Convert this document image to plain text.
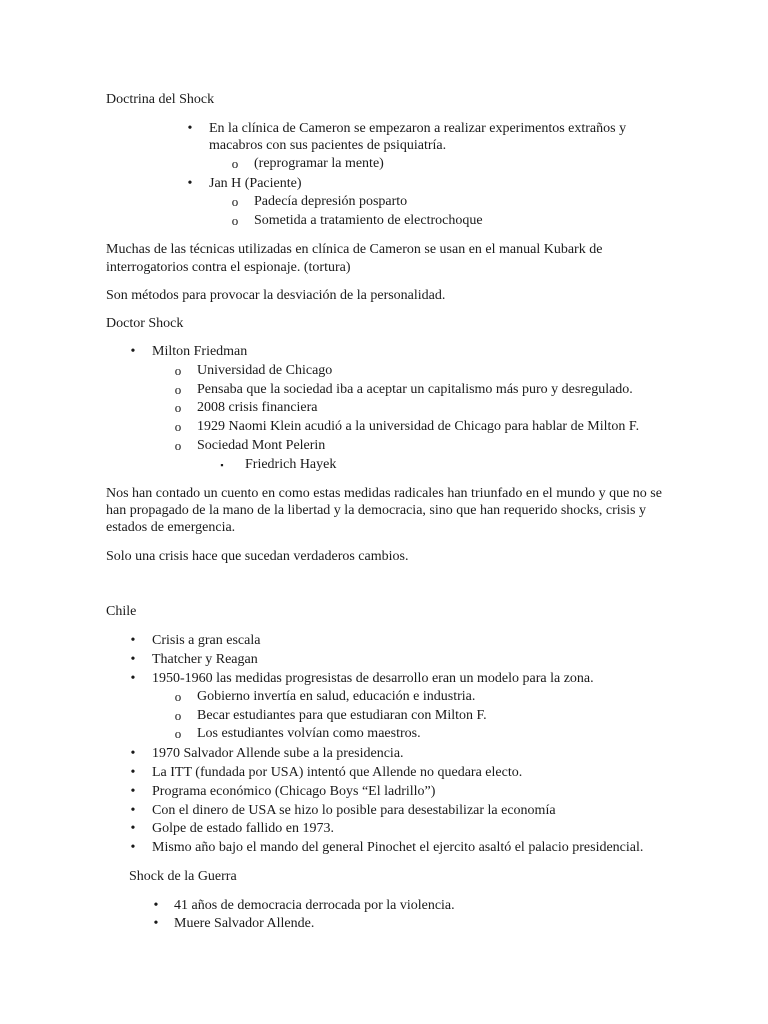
Doctrina del Shock
• En la clínica de Cameron se empezaron a realizar experimentos extraños y
macabros con sus pacientes de psiquiatría.
o (reprogramar la mente)
• Jan H (Paciente)
o Padecía depresión posparto
o Sometida a tratamiento de electrochoque
Muchas de las técnicas utilizadas en clínica de Cameron se usan en el manual Kubark de
interrogatorios contra el espionaje. (tortura)
Son métodos para provocar la desviación de la personalidad.
Doctor Shock
• Milton Friedman
o Universidad de Chicago
o Pensaba que la sociedad iba a aceptar un capitalismo más puro y desregulado.
o 2008 crisis financiera
o 1929 Naomi Klein acudió a la universidad de Chicago para hablar de Milton F.
o Sociedad Mont Pelerin
▪	Friedrich Hayek
Nos han contado un cuento en como estas medidas radicales han triunfado en el mundo y que no se
han propagado de la mano de la libertad y la democracia, sino que han requerido shocks, crisis y
estados de emergencia.
Solo una crisis hace que sucedan verdaderos cambios.
Chile
• Crisis a gran escala
• Thatcher y Reagan
• 1950-1960 las medidas progresistas de desarrollo eran un modelo para la zona.
o Gobierno invertía en salud, educación e industria.
o Becar estudiantes para que estudiaran con Milton F.
o Los estudiantes volvían como maestros.
• 1970 Salvador Allende sube a la presidencia.
• La ITT (fundada por USA) intentó que Allende no quedara electo.
• Programa económico (Chicago Boys “El ladrillo”)
• Con el dinero de USA se hizo lo posible para desestabilizar la economía
• Golpe de estado fallido en 1973.
• Mismo año bajo el mando del general Pinochet el ejercito asaltó el palacio presidencial.
Shock de la Guerra
• 41 años de democracia derrocada por la violencia.
• Muere Salvador Allende.
